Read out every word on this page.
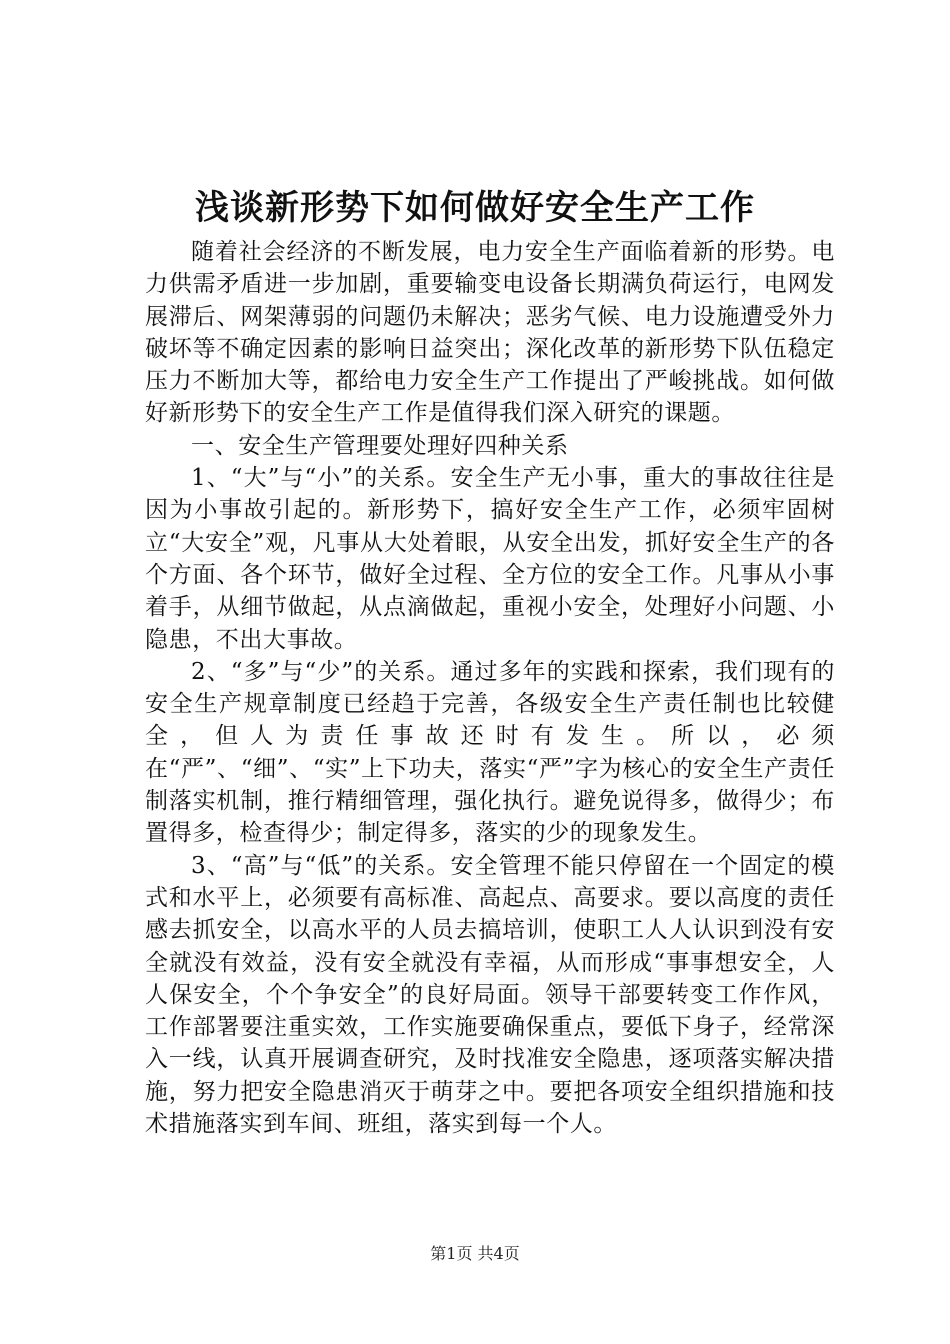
浅谈新形势下如何做好安全生产工作

随着社会经济的不断发展，电力安全生产面临着新的形势。电力供需矛盾进一步加剧，重要输变电设备长期满负荷运行，电网发展滞后、网架薄弱的问题仍未解决；恶劣气候、电力设施遭受外力破坏等不确定因素的影响日益突出；深化改革的新形势下队伍稳定压力不断加大等，都给电力安全生产工作提出了严峻挑战。如何做好新形势下的安全生产工作是值得我们深入研究的课题。

一、安全生产管理要处理好四种关系

1、“大”与“小”的关系。安全生产无小事，重大的事故往往是因为小事故引起的。新形势下，搞好安全生产工作，必须牢固树立“大安全”观，凡事从大处着眼，从安全出发，抓好安全生产的各个方面、各个环节，做好全过程、全方位的安全工作。凡事从小事着手，从细节做起，从点滴做起，重视小安全，处理好小问题、小隐患，不出大事故。

2、“多”与“少”的关系。通过多年的实践和探索，我们现有的安全生产规章制度已经趋于完善，各级安全生产责任制也比较健全，但人为责任事故还时有发生。所以，必须在“严”、“细”、“实”上下功夫，落实“严”字为核心的安全生产责任制落实机制，推行精细管理，强化执行。避免说得多，做得少；布置得多，检查得少；制定得多，落实的少的现象发生。

3、“高”与“低”的关系。安全管理不能只停留在一个固定的模式和水平上，必须要有高标准、高起点、高要求。要以高度的责任感去抓安全，以高水平的人员去搞培训，使职工人人认识到没有安全就没有效益，没有安全就没有幸福，从而形成“事事想安全，人人保安全，个个争安全”的良好局面。领导干部要转变工作作风，工作部署要注重实效，工作实施要确保重点，要低下身子，经常深入一线，认真开展调查研究，及时找准安全隐患，逐项落实解决措施，努力把安全隐患消灭于萌芽之中。要把各项安全组织措施和技术措施落实到车间、班组，落实到每一个人。

第1页 共4页
